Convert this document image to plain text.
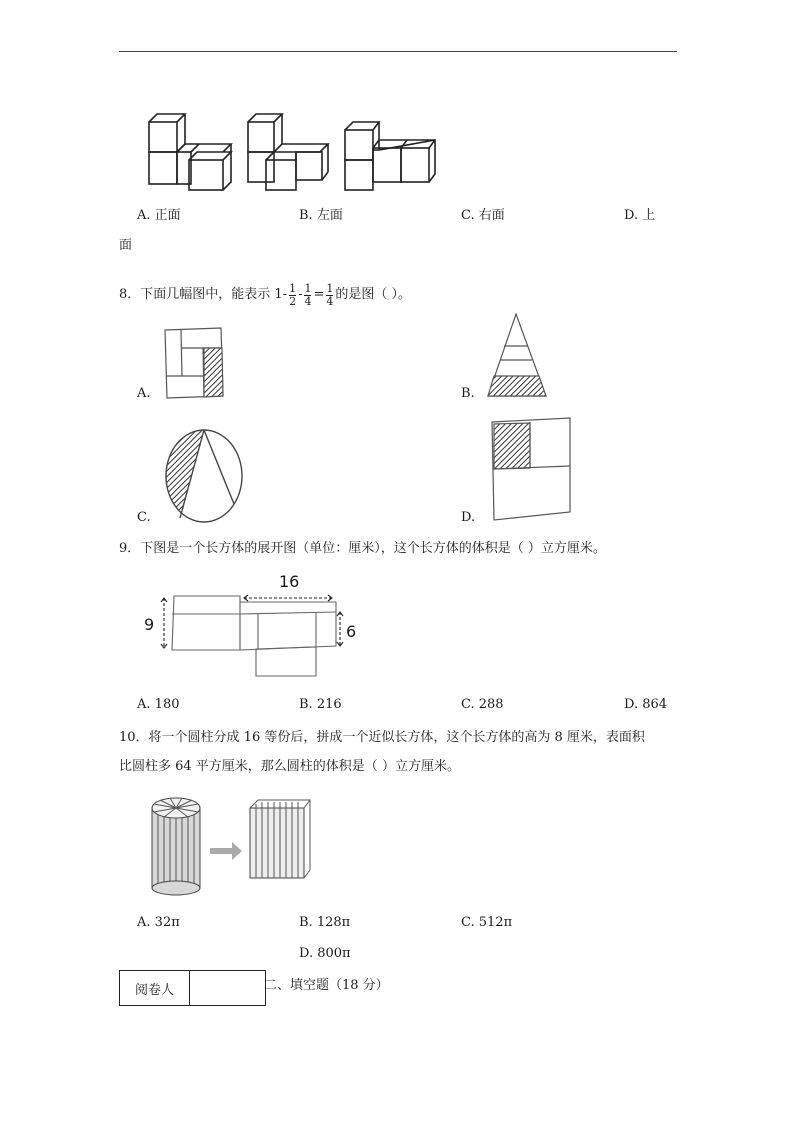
A. 正面	B. 左面	C. 右面	D. 上
面
8．下面几幅图中，能表示 $1- \frac{1}{2} - \frac{1}{4} = \frac{1}{4}$ 的是图（ ）。
A.	B.
C.	D.
9．下图是一个长方体的展开图（单位：厘米），这个长方体的体积是（ ）立方厘米。
16
9	6
A. 180	B. 216	C. 288	D. 864
10．将一个圆柱分成 16 等份后，拼成一个近似长方体，这个长方体的高为 8 厘米，表面积
比圆柱多 64 平方厘米，那么圆柱的体积是（ ）立方厘米。
A. 32π	B. 128π	C. 512π
D. 800π
阅卷人	二、填空题（18 分）
